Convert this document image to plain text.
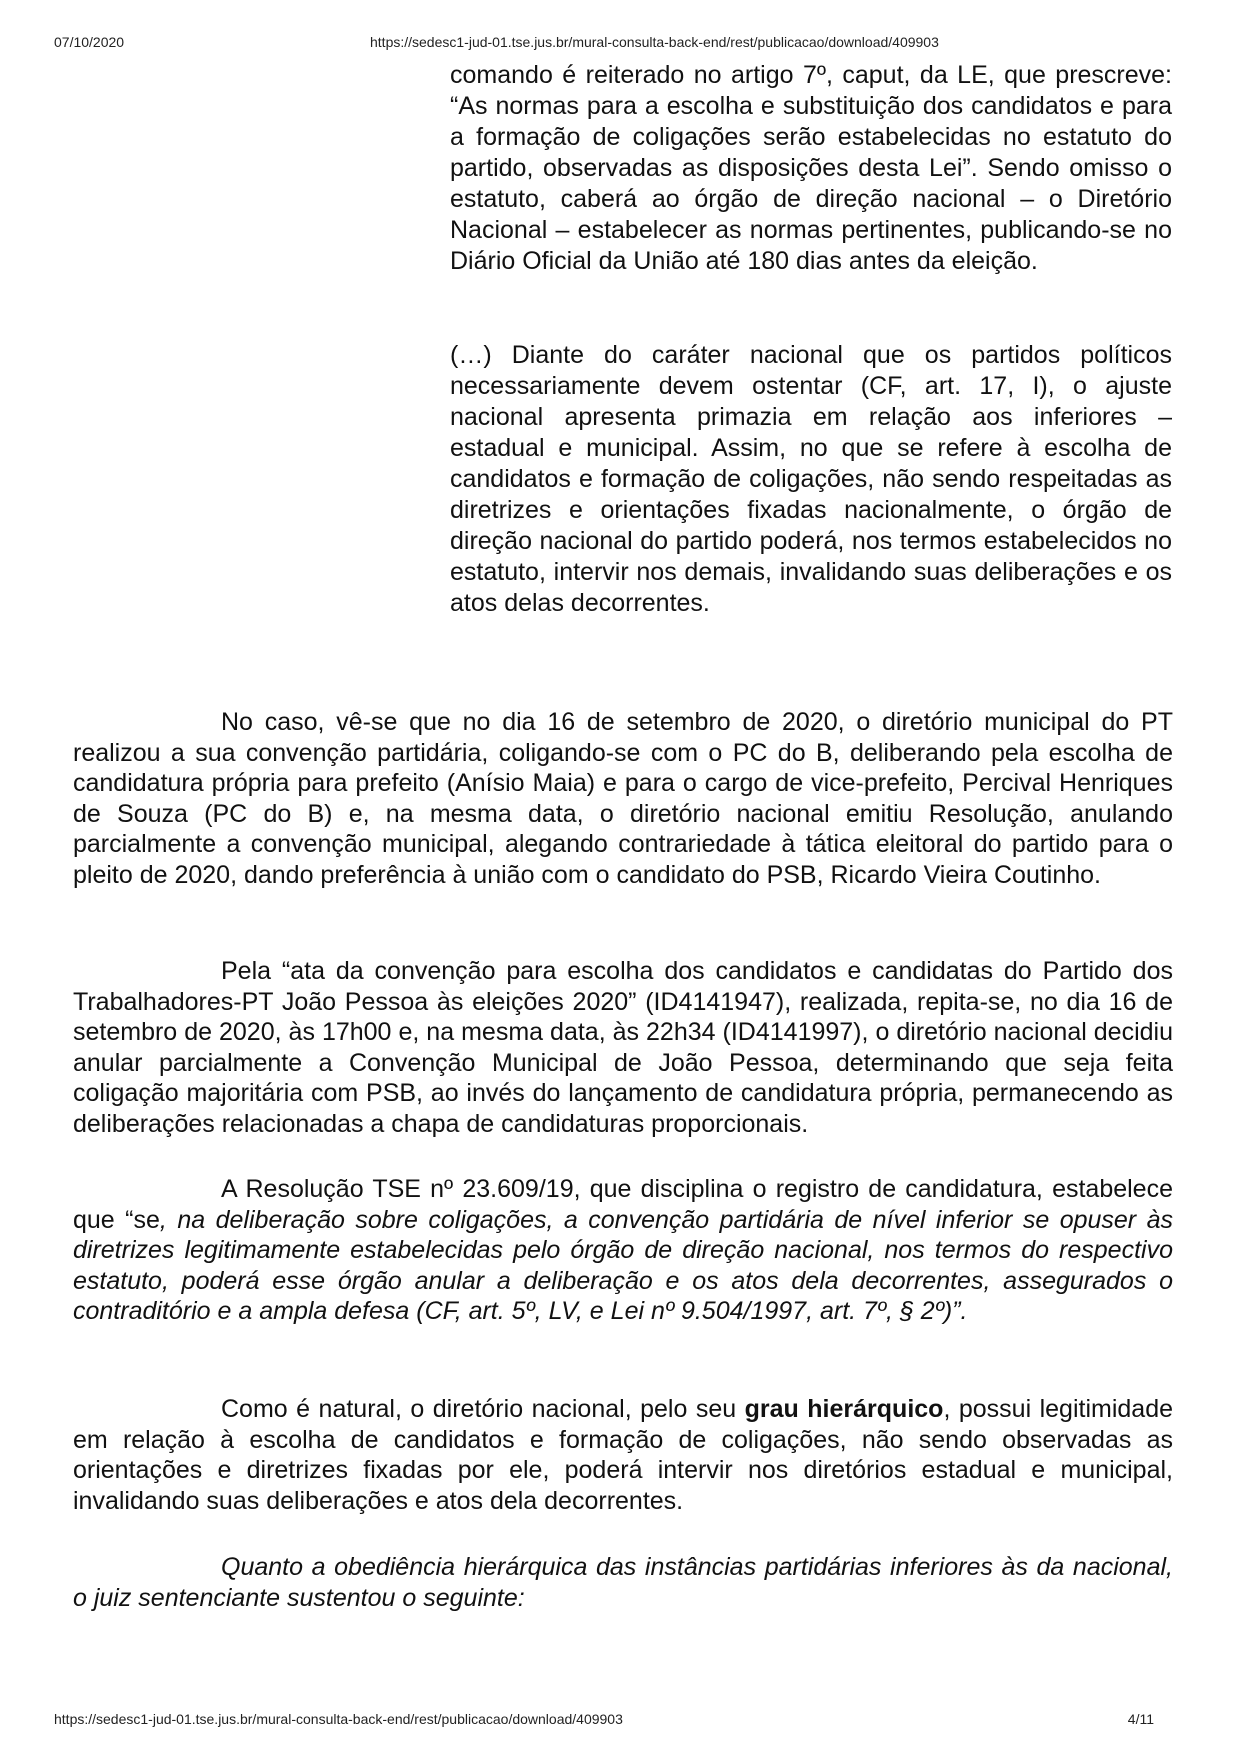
07/10/2020	https://sedesc1-jud-01.tse.jus.br/mural-consulta-back-end/rest/publicacao/download/409903

comando é reiterado no artigo 7º, caput, da LE, que prescreve: “As normas para a escolha e substituição dos candidatos e para a formação de coligações serão estabelecidas no estatuto do partido, observadas as disposições desta Lei”. Sendo omisso o estatuto, caberá ao órgão de direção nacional – o Diretório Nacional – estabelecer as normas pertinentes, publicando-se no Diário Oficial da União até 180 dias antes da eleição.

(…) Diante do caráter nacional que os partidos políticos necessariamente devem ostentar (CF, art. 17, I), o ajuste nacional apresenta primazia em relação aos inferiores – estadual e municipal. Assim, no que se refere à escolha de candidatos e formação de coligações, não sendo respeitadas as diretrizes e orientações fixadas nacionalmente, o órgão de direção nacional do partido poderá, nos termos estabelecidos no estatuto, intervir nos demais, invalidando suas deliberações e os atos delas decorrentes.

No caso, vê-se que no dia 16 de setembro de 2020, o diretório municipal do PT realizou a sua convenção partidária, coligando-se com o PC do B, deliberando pela escolha de candidatura própria para prefeito (Anísio Maia) e para o cargo de vice-prefeito, Percival Henriques de Souza (PC do B) e, na mesma data, o diretório nacional emitiu Resolução, anulando parcialmente a convenção municipal, alegando contrariedade à tática eleitoral do partido para o pleito de 2020, dando preferência à união com o candidato do PSB, Ricardo Vieira Coutinho.

Pela “ata da convenção para escolha dos candidatos e candidatas do Partido dos Trabalhadores-PT João Pessoa às eleições 2020” (ID4141947), realizada, repita-se, no dia 16 de setembro de 2020, às 17h00 e, na mesma data, às 22h34 (ID4141997), o diretório nacional decidiu anular parcialmente a Convenção Municipal de João Pessoa, determinando que seja feita coligação majoritária com PSB, ao invés do lançamento de candidatura própria, permanecendo as deliberações relacionadas a chapa de candidaturas proporcionais.

A Resolução TSE nº 23.609/19, que disciplina o registro de candidatura, estabelece que “se, na deliberação sobre coligações, a convenção partidária de nível inferior se opuser às diretrizes legitimamente estabelecidas pelo órgão de direção nacional, nos termos do respectivo estatuto, poderá esse órgão anular a deliberação e os atos dela decorrentes, assegurados o contraditório e a ampla defesa (CF, art. 5º, LV, e Lei nº 9.504/1997, art. 7º, § 2º)”.

Como é natural, o diretório nacional, pelo seu grau hierárquico, possui legitimidade em relação à escolha de candidatos e formação de coligações, não sendo observadas as orientações e diretrizes fixadas por ele, poderá intervir nos diretórios estadual e municipal, invalidando suas deliberações e atos dela decorrentes.

Quanto a obediência hierárquica das instâncias partidárias inferiores às da nacional, o juiz sentenciante sustentou o seguinte:

https://sedesc1-jud-01.tse.jus.br/mural-consulta-back-end/rest/publicacao/download/409903	4/11
